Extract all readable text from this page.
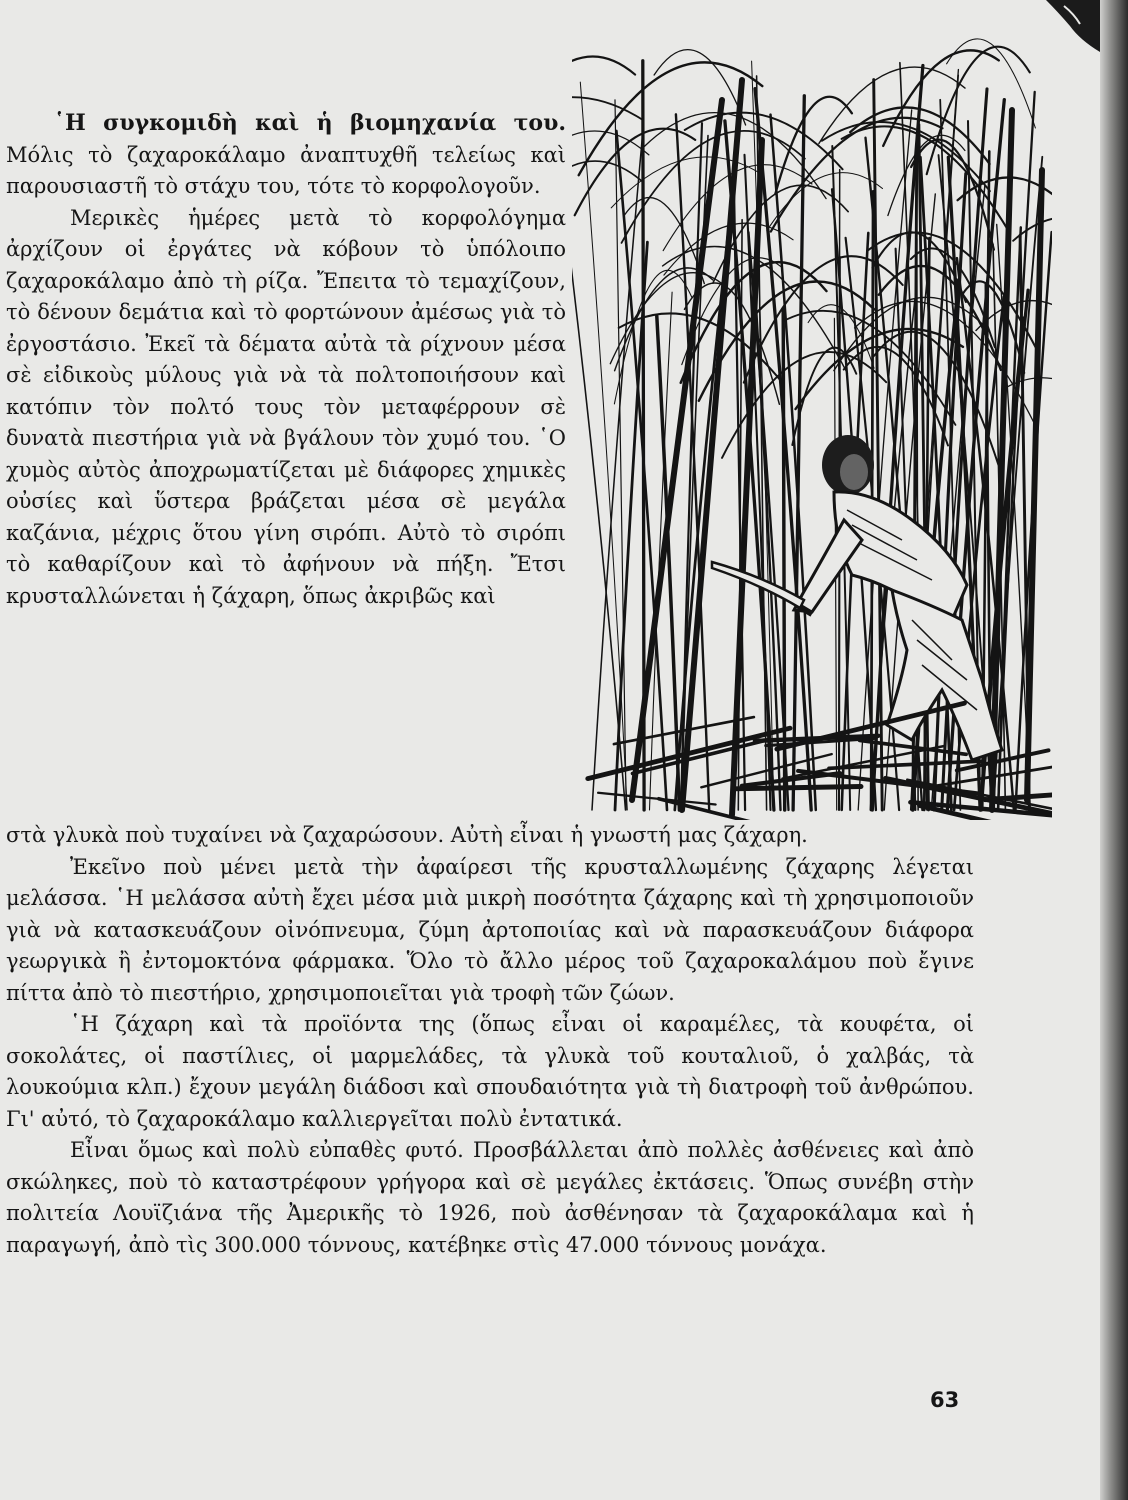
῾Η συγκομιδὴ καὶ ἡ βιομηχανία του. Μόλις τὸ ζαχαροκάλαμο ἀναπτυχθῆ τελείως καὶ παρουσιαστῆ τὸ στάχυ του, τότε τὸ κορφολογοῦν.

Μερικὲς ἡμέρες μετὰ τὸ κορφολόγημα ἀρχίζουν οἱ ἐργάτες νὰ κόβουν τὸ ὑπόλοιπο ζαχαροκάλαμο ἀπὸ τὴ ρίζα. Ἔπειτα τὸ τεμαχίζουν, τὸ δένουν δεμάτια καὶ τὸ φορτώνουν ἀμέσως γιὰ τὸ ἐργοστάσιο. Ἐκεῖ τὰ δέματα αὐτὰ τὰ ρίχνουν μέσα σὲ εἰδικοὺς μύλους γιὰ νὰ τὰ πολτοποιήσουν καὶ κατόπιν τὸν πολτό τους τὸν μεταφέρρουν σὲ δυνατὰ πιεστήρια γιὰ νὰ βγάλουν τὸν χυμό του. ῾Ο χυμὸς αὐτὸς ἀποχρωματίζεται μὲ διάφορες χημικὲς οὐσίες καὶ ὕστερα βράζεται μέσα σὲ μεγάλα καζάνια, μέχρις ὅτου γίνη σιρόπι. Αὐτὸ τὸ σιρόπι τὸ καθαρίζουν καὶ τὸ ἀφήνουν νὰ πήξη. Ἔτσι κρυσταλλώνεται ἡ ζάχαρη, ὅπως ἀκριβῶς καὶ

στὰ γλυκὰ ποὺ τυχαίνει νὰ ζαχαρώσουν. Αὐτὴ εἶναι ἡ γνωστή μας ζάχαρη.

Ἐκεῖνο ποὺ μένει μετὰ τὴν ἀφαίρεσι τῆς κρυσταλλωμένης ζάχαρης λέγεται μελάσσα. ῾Η μελάσσα αὐτὴ ἔχει μέσα μιὰ μικρὴ ποσότητα ζάχαρης καὶ τὴ χρησιμοποιοῦν γιὰ νὰ κατασκευάζουν οἰνόπνευμα, ζύμη ἀρτοποιίας καὶ νὰ παρασκευάζουν διάφορα γεωργικὰ ἢ ἐντομοκτόνα φάρμακα. Ὅλο τὸ ἄλλο μέρος τοῦ ζαχαροκαλάμου ποὺ ἔγινε πίττα ἀπὸ τὸ πιεστήριο, χρησιμοποιεῖται γιὰ τροφὴ τῶν ζώων.

῾Η ζάχαρη καὶ τὰ προϊόντα της (ὅπως εἶναι οἱ καραμέλες, τὰ κουφέτα, οἱ σοκολάτες, οἱ παστίλιες, οἱ μαρμελάδες, τὰ γλυκὰ τοῦ κουταλιοῦ, ὁ χαλβάς, τὰ λουκούμια κλπ.) ἔχουν μεγάλη διάδοσι καὶ σπουδαιότητα γιὰ τὴ διατροφὴ τοῦ ἀνθρώπου. Γι' αὐτό, τὸ ζαχαροκάλαμο καλλιεργεῖται πολὺ ἐντατικά.

Εἶναι ὅμως καὶ πολὺ εὐπαθὲς φυτό. Προσβάλλεται ἀπὸ πολλὲς ἀσθένειες καὶ ἀπὸ σκώληκες, ποὺ τὸ καταστρέφουν γρήγορα καὶ σὲ μεγάλες ἐκτάσεις. Ὅπως συνέβη στὴν πολιτεία Λουϊζιάνα τῆς Ἀμερικῆς τὸ 1926, ποὺ ἀσθένησαν τὰ ζαχαροκάλαμα καὶ ἡ παραγωγή, ἀπὸ τὶς 300.000 τόννους, κατέβηκε στὶς 47.000 τόννους μονάχα.

63
